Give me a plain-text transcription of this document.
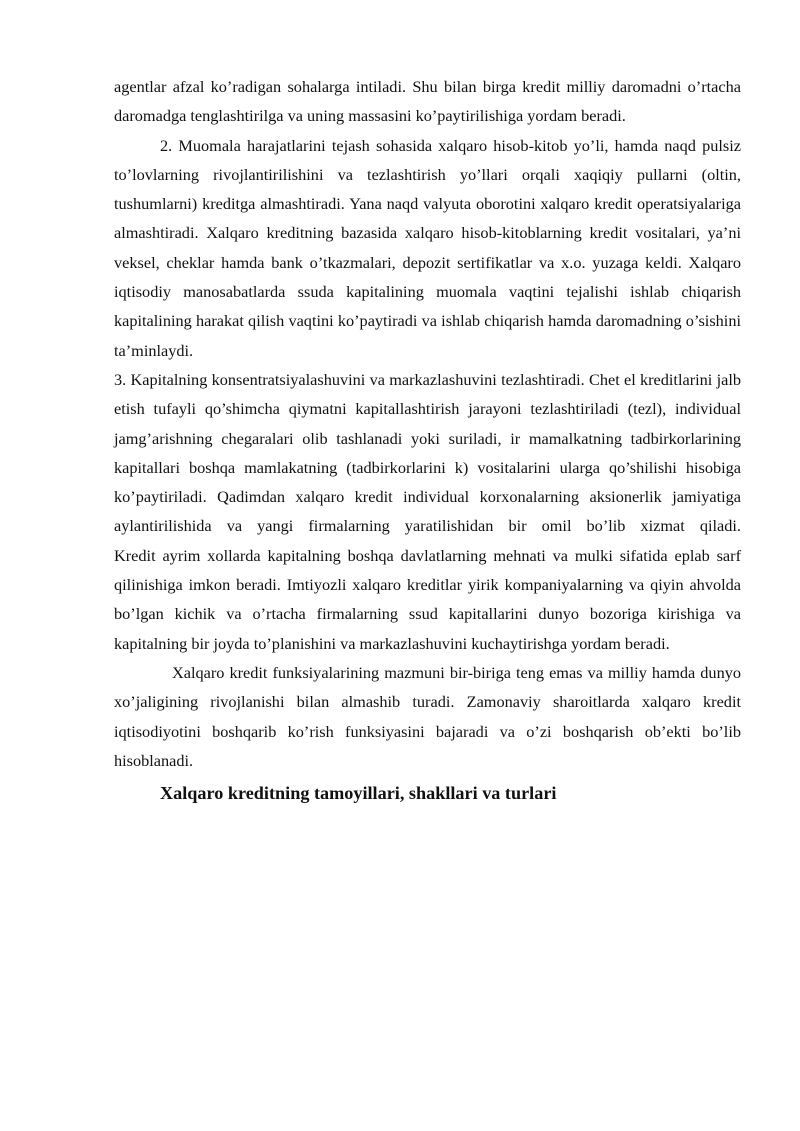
agentlar afzal ko’radigan sohalarga intiladi. Shu bilan birga kredit milliy daromadni o’rtacha daromadga tenglashtirilga va uning massasini ko’paytirilishiga yordam beradi.

2. Muomala harajatlarini tejash sohasida xalqaro hisob-kitob yo’li, hamda naqd pulsiz to’lovlarning rivojlantirilishini va tezlashtirish yo’llari orqali xaqiqiy pullarni (oltin, tushumlarni) kreditga almashtiradi. Yana naqd valyuta oborotini xalqaro kredit operatsiyalariga almashtiradi. Xalqaro kreditning bazasida xalqaro hisob-kitoblarning kredit vositalari, ya’ni veksel, cheklar hamda bank o’tkazmalari, depozit sertifikatlar va x.o. yuzaga keldi. Xalqaro iqtisodiy manosabatlarda ssuda kapitalining muomala vaqtini tejalishi ishlab chiqarish kapitalining harakat qilish vaqtini ko’paytiradi va ishlab chiqarish hamda daromadning o’sishini ta’minlaydi.

3. Kapitalning konsentratsiyalashuvini va markazlashuvini tezlashtiradi. Chet el kreditlarini jalb etish tufayli qo’shimcha qiymatni kapitallashtirish jarayoni tezlashtiriladi (tezl), individual jamg’arishning chegaralari olib tashlanadi yoki suriladi, ir mamalkatning tadbirkorlarining kapitallari boshqa mamlakatning (tadbirkorlarini k) vositalarini ulargа qo’shilishi hisobiga ko’paytiriladi. Qadimdan xalqaro kredit individual korxonalarning aksionerlik jamiyatiga aylantirilishida va yangi firmalarning yaratilishidan bir omil bo’lib xizmat qiladi.

Kredit ayrim xollarda kapitalning boshqa davlatlarning mehnati va mulki sifatida eplab sarf qilinishiga imkon beradi. Imtiyozli xalqaro kreditlar yirik kompaniyalarning va qiyin ahvolda bo’lgan kichik va o’rtacha firmalarning ssud kapitallarini dunyo bozoriga kirishiga va kapitalning bir joyda to’planishini va markazlashuvini kuchaytirishga yordam beradi.

Xalqaro kredit funksiyalarining mazmuni bir-biriga teng emas va milliy hamda dunyo xo’jaligining rivojlanishi bilan almashib turadi. Zamonaviy sharoitlarda xalqaro kredit iqtisodiyotini boshqarib ko’rish funksiyasini bajaradi va o’zi boshqarish ob’ekti bo’lib hisoblanadi.

Xalqaro kreditning tamoyillari, shakllari va turlari
